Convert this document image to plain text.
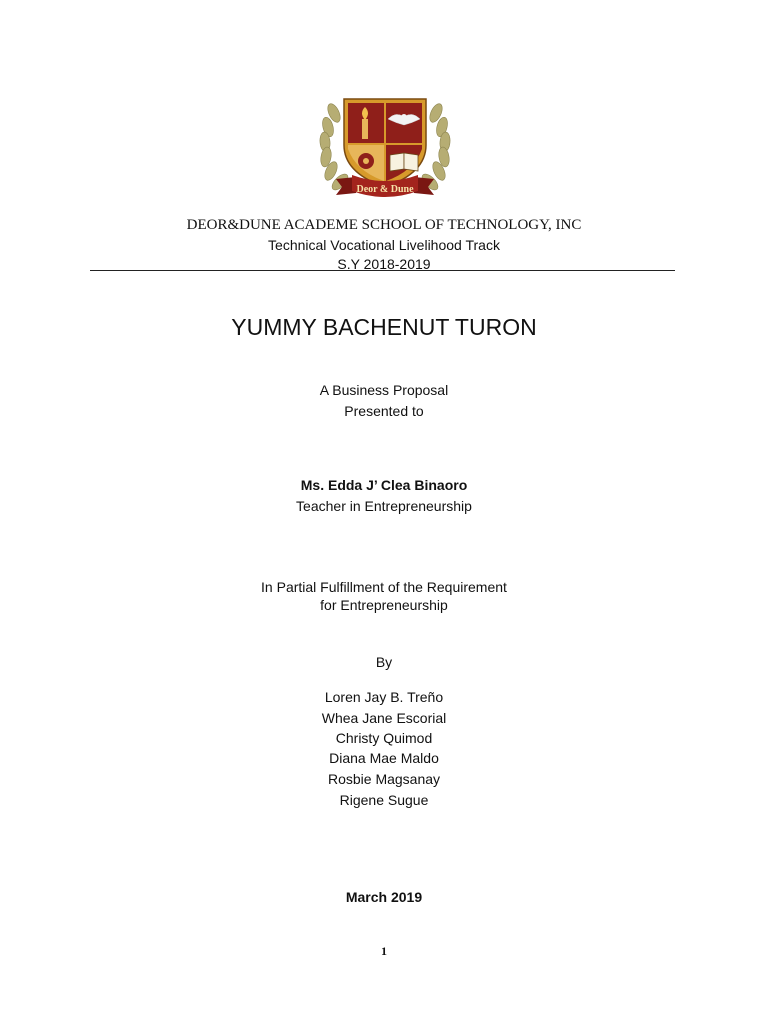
Deor & Dune
DEOR&DUNE ACADEME SCHOOL OF TECHNOLOGY, INC
Technical Vocational Livelihood Track
S.Y 2018-2019
YUMMY BACHENUT TURON
A Business Proposal
Presented to
Ms. Edda J’ Clea Binaoro
Teacher in Entrepreneurship
In Partial Fulfillment of the Requirement
for Entrepreneurship
By
Loren Jay B. Treño
Whea Jane Escorial
Christy Quimod
Diana Mae Maldo
Rosbie Magsanay
Rigene Sugue
March 2019
1
